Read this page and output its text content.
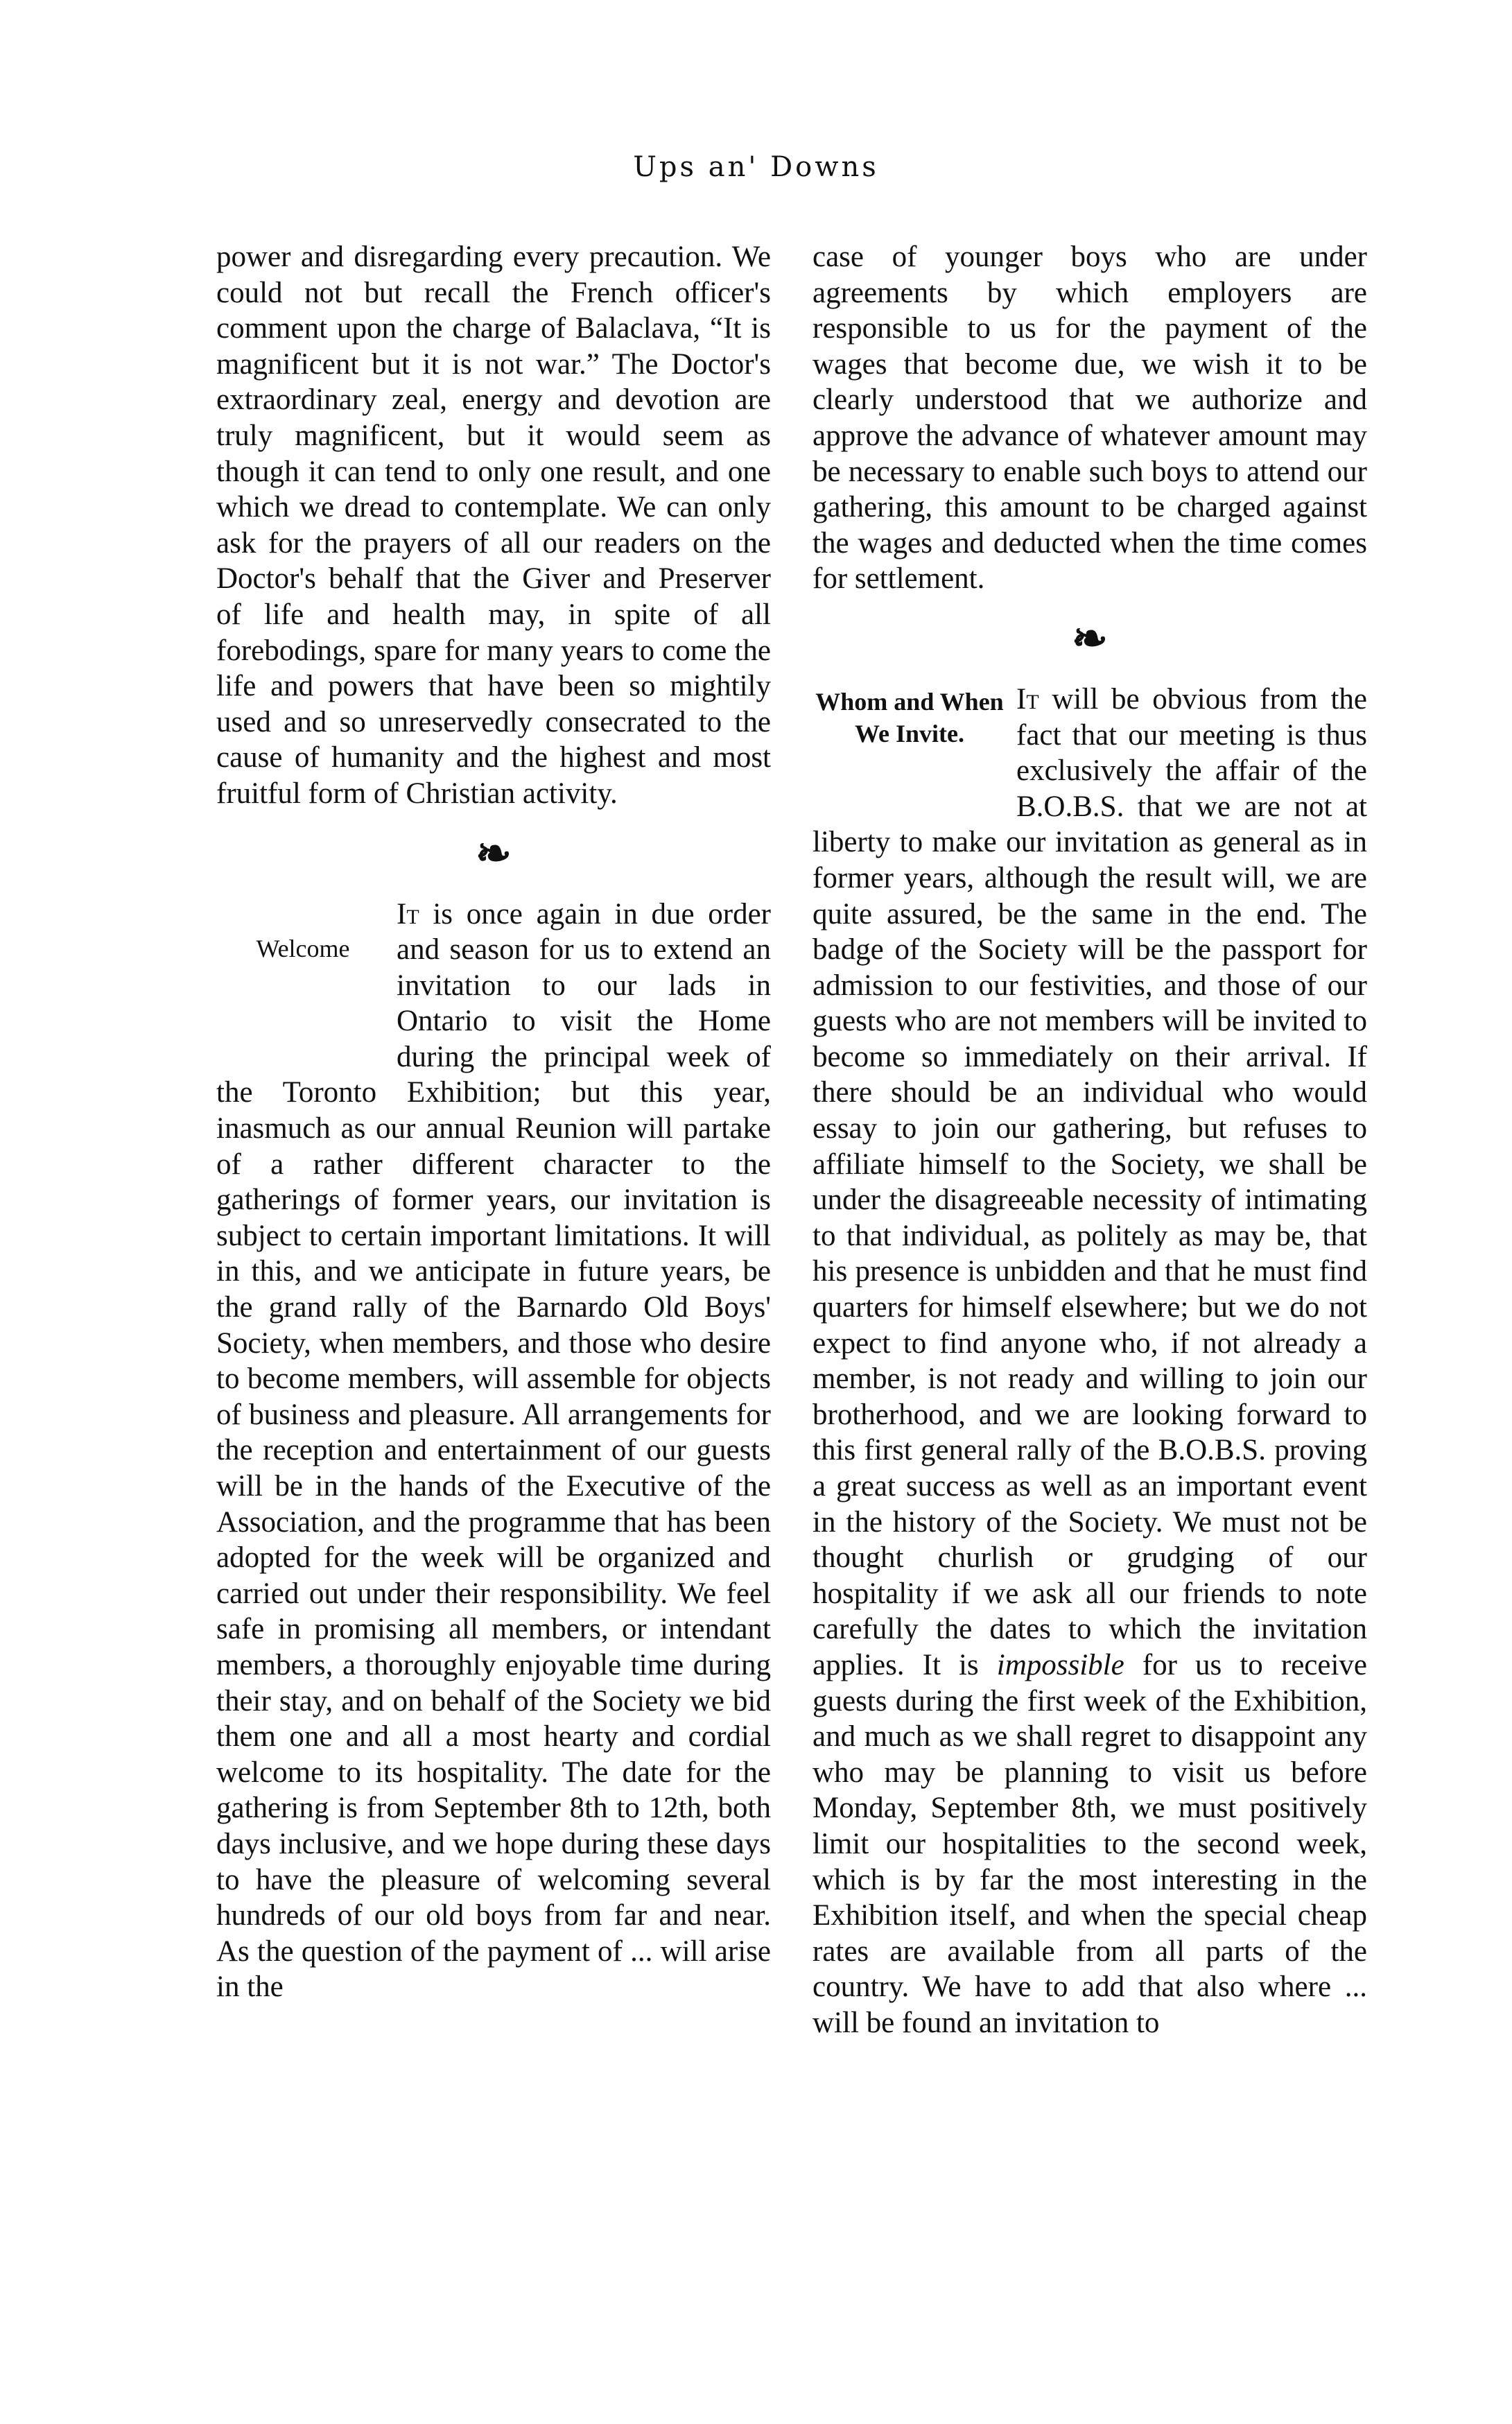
Ups an' Downs

power and disregarding every precaution. We could not but recall the French officer's comment upon the charge of Balaclava, “It is magnificent but it is not war.” The Doctor's extraordinary zeal, energy and devotion are truly magnificent, but it would seem as though it can tend to only one result, and one which we dread to contemplate. We can only ask for the prayers of all our readers on the Doctor's behalf that the Giver and Preserver of life and health may, in spite of all forebodings, spare for many years to come the life and powers that have been so mightily used and so unreservedly consecrated to the cause of humanity and the highest and most fruitful form of Christian activity.

❧
Welcome

It is once again in due order and season for us to extend an invitation to our lads in Ontario to visit the Home during the principal week of the Toronto Exhibition; but this year, inasmuch as our annual Reunion will partake of a rather different character to the gatherings of former years, our invitation is subject to certain important limitations. It will in this, and we anticipate in future years, be the grand rally of the Barnardo Old Boys' Society, when members, and those who desire to become members, will assemble for objects of business and pleasure. All arrangements for the reception and entertainment of our guests will be in the hands of the Executive of the Association, and the programme that has been adopted for the week will be organized and carried out under their responsibility. We feel safe in promising all members, or intendant members, a thoroughly enjoyable time during their stay, and on behalf of the Society we bid them one and all a most hearty and cordial welcome to its hospitality. The date for the gathering is from September 8th to 12th, both days inclusive, and we hope during these days to have the pleasure of welcoming several hundreds of our old boys from far and near. As the question of the payment of ... will arise in the

case of younger boys who are under agreements by which employers are responsible to us for the payment of the wages that become due, we wish it to be clearly understood that we authorize and approve the advance of whatever amount may be necessary to enable such boys to attend our gathering, this amount to be charged against the wages and deducted when the time comes for settlement.

❧
Whom and When We Invite.

It will be obvious from the fact that our meeting is thus exclusively the affair of the B.O.B.S. that we are not at liberty to make our invitation as general as in former years, although the result will, we are quite assured, be the same in the end. The badge of the Society will be the passport for admission to our festivities, and those of our guests who are not members will be invited to become so immediately on their arrival. If there should be an individual who would essay to join our gathering, but refuses to affiliate himself to the Society, we shall be under the disagreeable necessity of intimating to that individual, as politely as may be, that his presence is unbidden and that he must find quarters for himself elsewhere; but we do not expect to find anyone who, if not already a member, is not ready and willing to join our brotherhood, and we are looking forward to this first general rally of the B.O.B.S. proving a great success as well as an important event in the history of the Society. We must not be thought churlish or grudging of our hospitality if we ask all our friends to note carefully the dates to which the invitation applies. It is impossible for us to receive guests during the first week of the Exhibition, and much as we shall regret to disappoint any who may be planning to visit us before Monday, September 8th, we must positively limit our hospitalities to the second week, which is by far the most interesting in the Exhibition itself, and when the special cheap rates are available from all parts of the country. We have to add that also where ... will be found an invitation to
